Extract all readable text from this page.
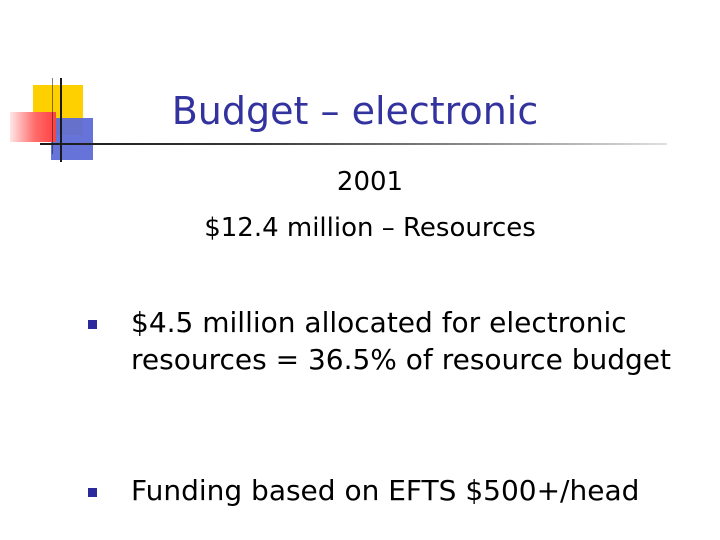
Budget – electronic
2001
$12.4 million – Resources
$4.5 million allocated for electronic resources = 36.5% of resource budget
Funding based on EFTS $500+/head
